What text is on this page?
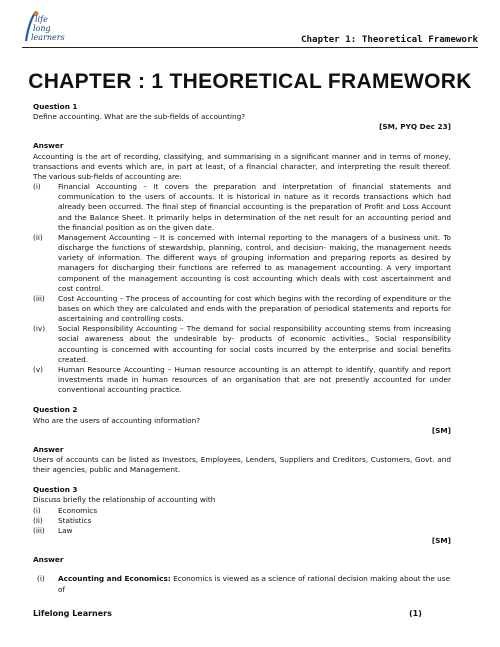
life
long
learners	Chapter 1: Theoretical Framework
CHAPTER : 1 THEORETICAL FRAMEWORK

Question 1

Define accounting. What are the sub-fields of accounting?

[SM, PYQ Dec 23]

Answer

Accounting is the art of recording, classifying, and summarising in a significant manner and in terms of money, transactions and events which are, in part at least, of a financial character, and interpreting the result thereof. The various sub-fields of accounting are:

(i)	Financial Accounting – It covers the preparation and interpretation of financial statements and communication to the users of accounts. It is historical in nature as it records transactions which had already been occurred. The final step of financial accounting is the preparation of Profit and Loss Account and the Balance Sheet. It primarily helps in determination of the net result for an accounting period and the financial position as on the given date.
(ii)	Management Accounting – It is concerned with internal reporting to the managers of a business unit. To discharge the functions of stewardship, planning, control, and decision- making, the management needs variety of information. The different ways of grouping information and preparing reports as desired by managers for discharging their functions are referred to as management accounting. A very important component of the management accounting is cost accounting which deals with cost ascertainment and cost control.
(iii)	Cost Accounting – The process of accounting for cost which begins with the recording of expenditure or the bases on which they are calculated and ends with the preparation of periodical statements and reports for ascertaining and controlling costs.
(iv)	Social Responsibility Accounting – The demand for social responsibility accounting stems from increasing social awareness about the undesirable by- products of economic activities., Social responsibility accounting is concerned with accounting for social costs incurred by the enterprise and social benefits created.
(v)	Human Resource Accounting – Human resource accounting is an attempt to identify, quantify and report investments made in human resources of an organisation that are not presently accounted for under conventional accounting practice.

Question 2

Who are the users of accounting information?

[SM]

Answer

Users of accounts can be listed as Investors, Employees, Lenders, Suppliers and Creditors, Customers, Govt. and their agencies, public and Management.

Question 3

Discuss briefly the relationship of accounting with

(i)	Economics
(ii)	Statistics
(iii)	Law

[SM]

Answer

(i)	Accounting and Economics: Economics is viewed as a science of rational decision making about the use of
Lifelong Learners	(1)
